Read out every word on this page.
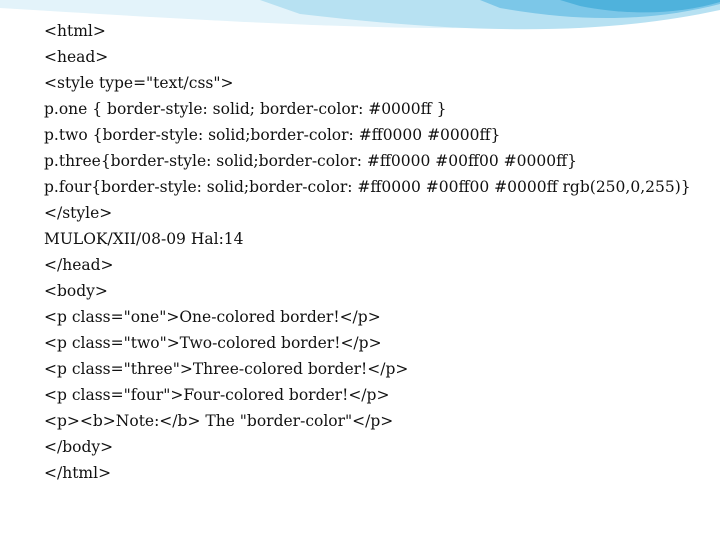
<html>
<head>
<style type="text/css">
p.one { border-style: solid; border-color: #0000ff }
p.two {border-style: solid;border-color: #ff0000 #0000ff}
p.three{border-style: solid;border-color: #ff0000 #00ff00 #0000ff}
p.four{border-style: solid;border-color: #ff0000 #00ff00 #0000ff rgb(250,0,255)}
</style>
MULOK/XII/08-09 Hal:14
</head>
<body>
<p class="one">One-colored border!</p>
<p class="two">Two-colored border!</p>
<p class="three">Three-colored border!</p>
<p class="four">Four-colored border!</p>
<p><b>Note:</b> The "border-color"</p>
</body>
</html>
